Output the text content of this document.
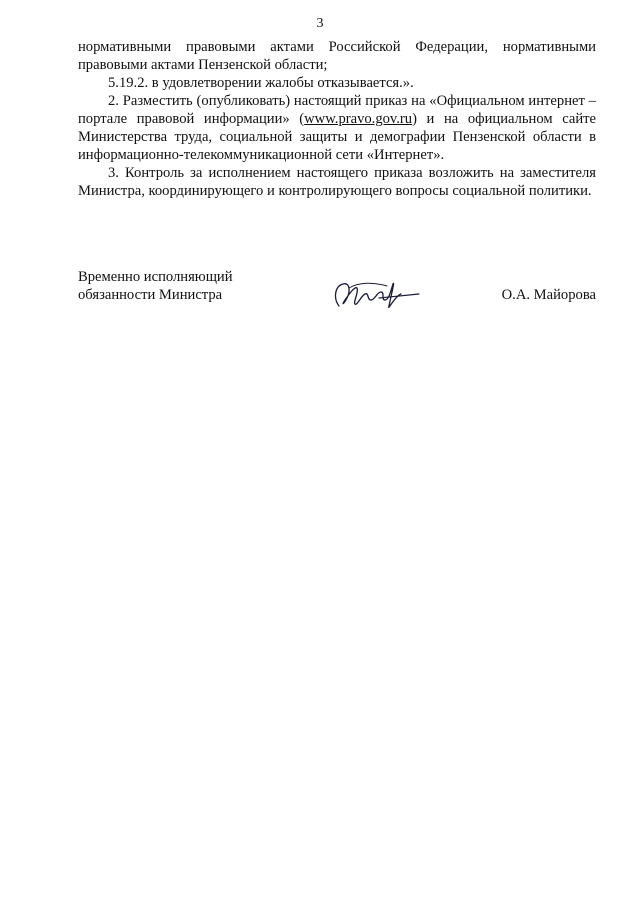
3

нормативными правовыми актами Российской Федерации, нормативными правовыми актами Пензенской области;

5.19.2. в удовлетворении жалобы отказывается.».

2. Разместить (опубликовать) настоящий приказ на «Официальном интернет – портале правовой информации» (www.pravo.gov.ru) и на официальном сайте Министерства труда, социальной защиты и демографии Пензенской области в информационно-телекоммуникационной сети «Интернет».

3. Контроль за исполнением настоящего приказа возложить на заместителя Министра, координирующего и контролирующего вопросы социальной политики.

Временно исполняющий
обязанности Министра	О.А. Майорова
